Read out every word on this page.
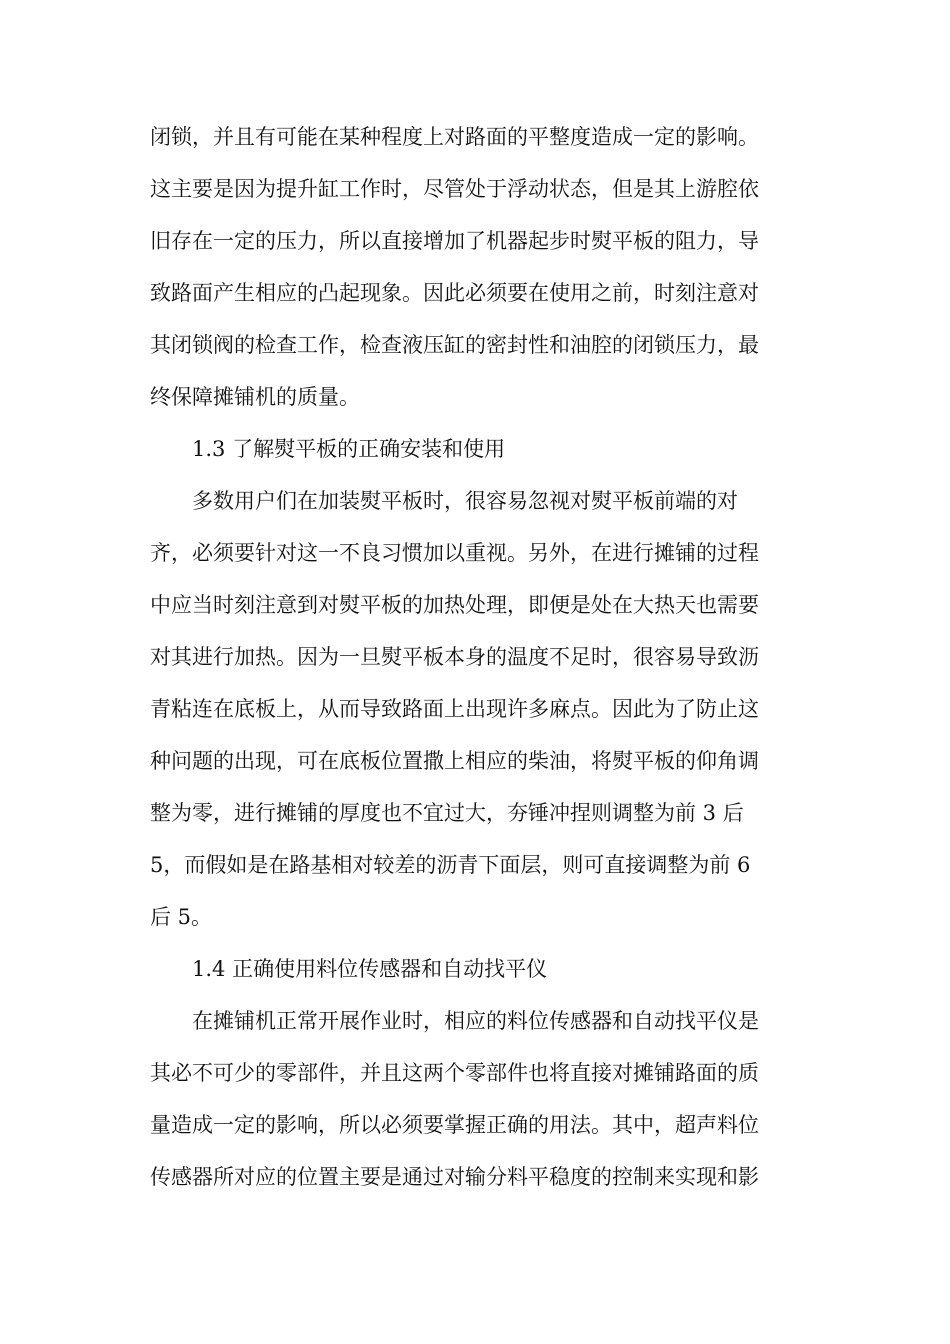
闭锁，并且有可能在某种程度上对路面的平整度造成一定的影响。
这主要是因为提升缸工作时，尽管处于浮动状态，但是其上游腔依
旧存在一定的压力，所以直接增加了机器起步时熨平板的阻力，导
致路面产生相应的凸起现象。因此必须要在使用之前，时刻注意对
其闭锁阀的检查工作，检查液压缸的密封性和油腔的闭锁压力，最
终保障摊铺机的质量。
1.3 了解熨平板的正确安装和使用
多数用户们在加装熨平板时，很容易忽视对熨平板前端的对
齐，必须要针对这一不良习惯加以重视。另外，在进行摊铺的过程
中应当时刻注意到对熨平板的加热处理，即便是处在大热天也需要
对其进行加热。因为一旦熨平板本身的温度不足时，很容易导致沥
青粘连在底板上，从而导致路面上出现许多麻点。因此为了防止这
种问题的出现，可在底板位置撒上相应的柴油，将熨平板的仰角调
整为零，进行摊铺的厚度也不宜过大，夯锤冲捏则调整为前 3 后
5，而假如是在路基相对较差的沥青下面层，则可直接调整为前 6
后 5。
1.4 正确使用料位传感器和自动找平仪
在摊铺机正常开展作业时，相应的料位传感器和自动找平仪是
其必不可少的零部件，并且这两个零部件也将直接对摊铺路面的质
量造成一定的影响，所以必须要掌握正确的用法。其中，超声料位
传感器所对应的位置主要是通过对输分料平稳度的控制来实现和影
